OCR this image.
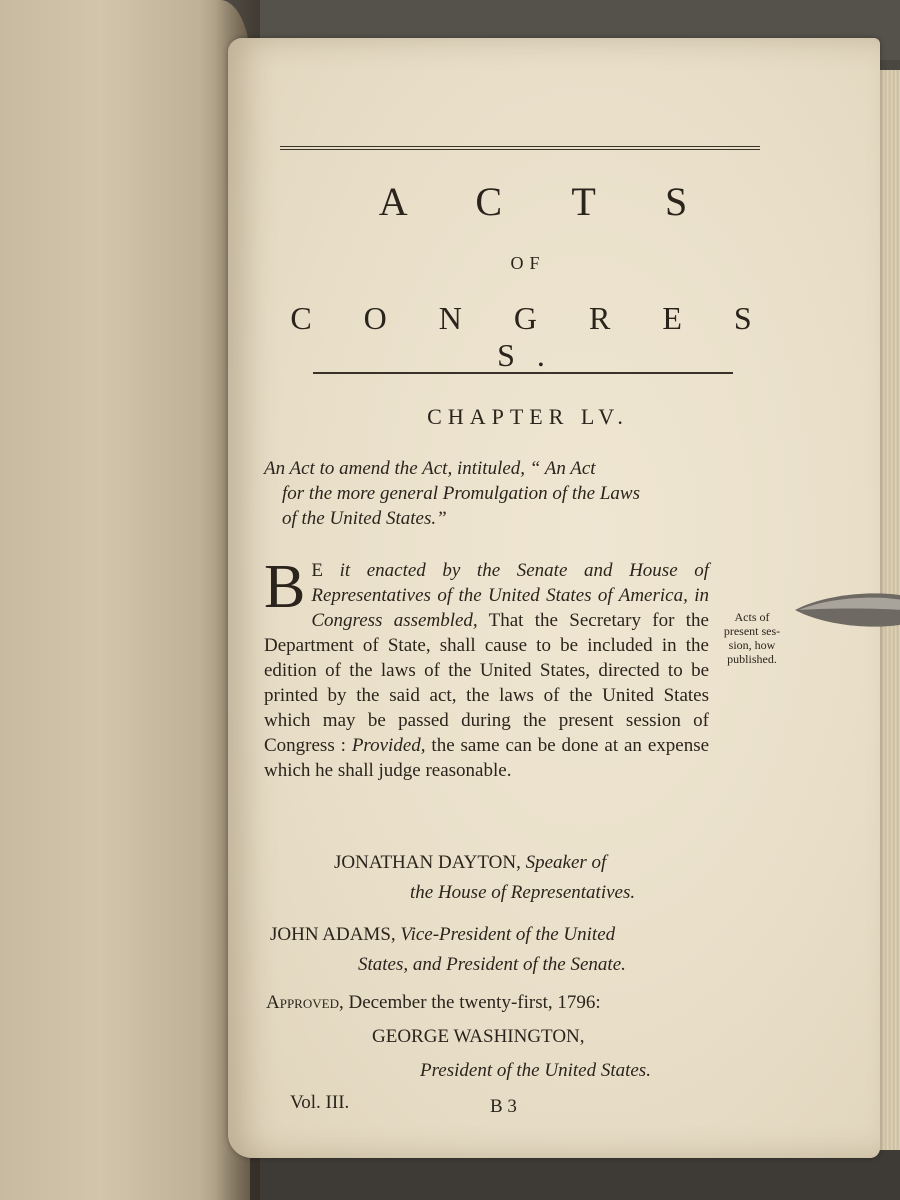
A C T S
OF
C O N G R E S S.
CHAPTER LV.
An Act to amend the Act, intituled, “ An Act
for the more general Promulgation of the Laws
of the United States.”
B E it enacted by the Senate and House of Representatives of the United States of America, in Congress assembled, That the Secretary for the Department of State, shall cause to be included in the edition of the laws of the United States, directed to be printed by the said act, the laws of the United States which may be passed during the present session of Congress : Provided, the same can be done at an expense which he shall judge reasonable.
Acts of
present ses-
sion, how
published.
JONATHAN DAYTON, Speaker of
the House of Representatives.
JOHN ADAMS, Vice-President of the United
States, and President of the Senate.
Approved, December the twenty-first, 1796:
GEORGE WASHINGTON,
President of the United States.
Vol. III.	B 3
